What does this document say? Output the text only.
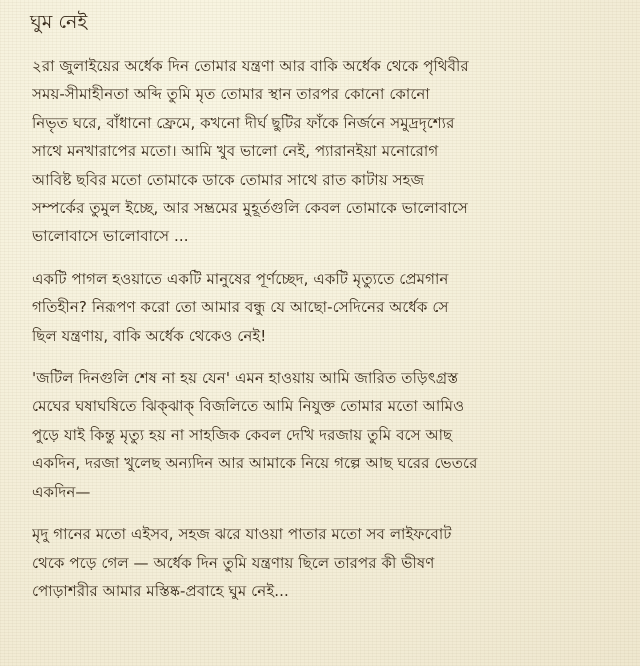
ঘুম নেই
২রা জুলাইয়ের অর্ধেক দিন তোমার যন্ত্রণা আর বাকি অর্ধেক থেকে পৃথিবীর
সময়-সীমাহীনতা অব্দি তুমি মৃত তোমার স্থান তারপর কোনো কোনো
নিভৃত ঘরে, বাঁধানো ফ্রেমে, কখনো দীর্ঘ ছুটির ফাঁকে নির্জনে সমুদ্রদৃশ্যের
সাথে মনখারাপের মতো। আমি খুব ভালো নেই, প্যারানইয়া মনোরোগ
আবিষ্ট ছবির মতো তোমাকে ডাকে তোমার সাথে রাত কাটায় সহজ
সম্পর্কের তুমুল ইচ্ছে, আর সম্ভ্রমের মুহূর্তগুলি কেবল তোমাকে ভালোবাসে
ভালোবাসে ভালোবাসে ...
একটি পাগল হওয়াতে একটি মানুষের পূর্ণচ্ছেদ, একটি মৃত্যুতে প্রেমগান
গতিহীন? নিরূপণ করো তো আমার বন্ধু যে আছো-সেদিনের অর্ধেক সে
ছিল যন্ত্রণায়, বাকি অর্ধেক থেকেও নেই!
'জটিল দিনগুলি শেষ না হয় যেন' এমন হাওয়ায় আমি জারিত তড়িৎগ্রস্ত
মেঘের ঘষাঘষিতে ঝিক্‌ঝাক্ বিজলিতে আমি নিযুক্ত তোমার মতো আমিও
পুড়ে যাই কিন্তু মৃত্যু হয় না সাহজিক কেবল দেখি দরজায় তুমি বসে আছ
একদিন, দরজা খুলেছ অন্যদিন আর আমাকে নিয়ে গল্পে আছ ঘরের ভেতরে
একদিন—
মৃদু গানের মতো এইসব, সহজ ঝরে যাওয়া পাতার মতো সব লাইফবোট
থেকে পড়ে গেল — অর্ধেক দিন তুমি যন্ত্রণায় ছিলে তারপর কী ভীষণ
পোড়াশরীর আমার মস্তিষ্ক-প্রবাহে ঘুম নেই...
